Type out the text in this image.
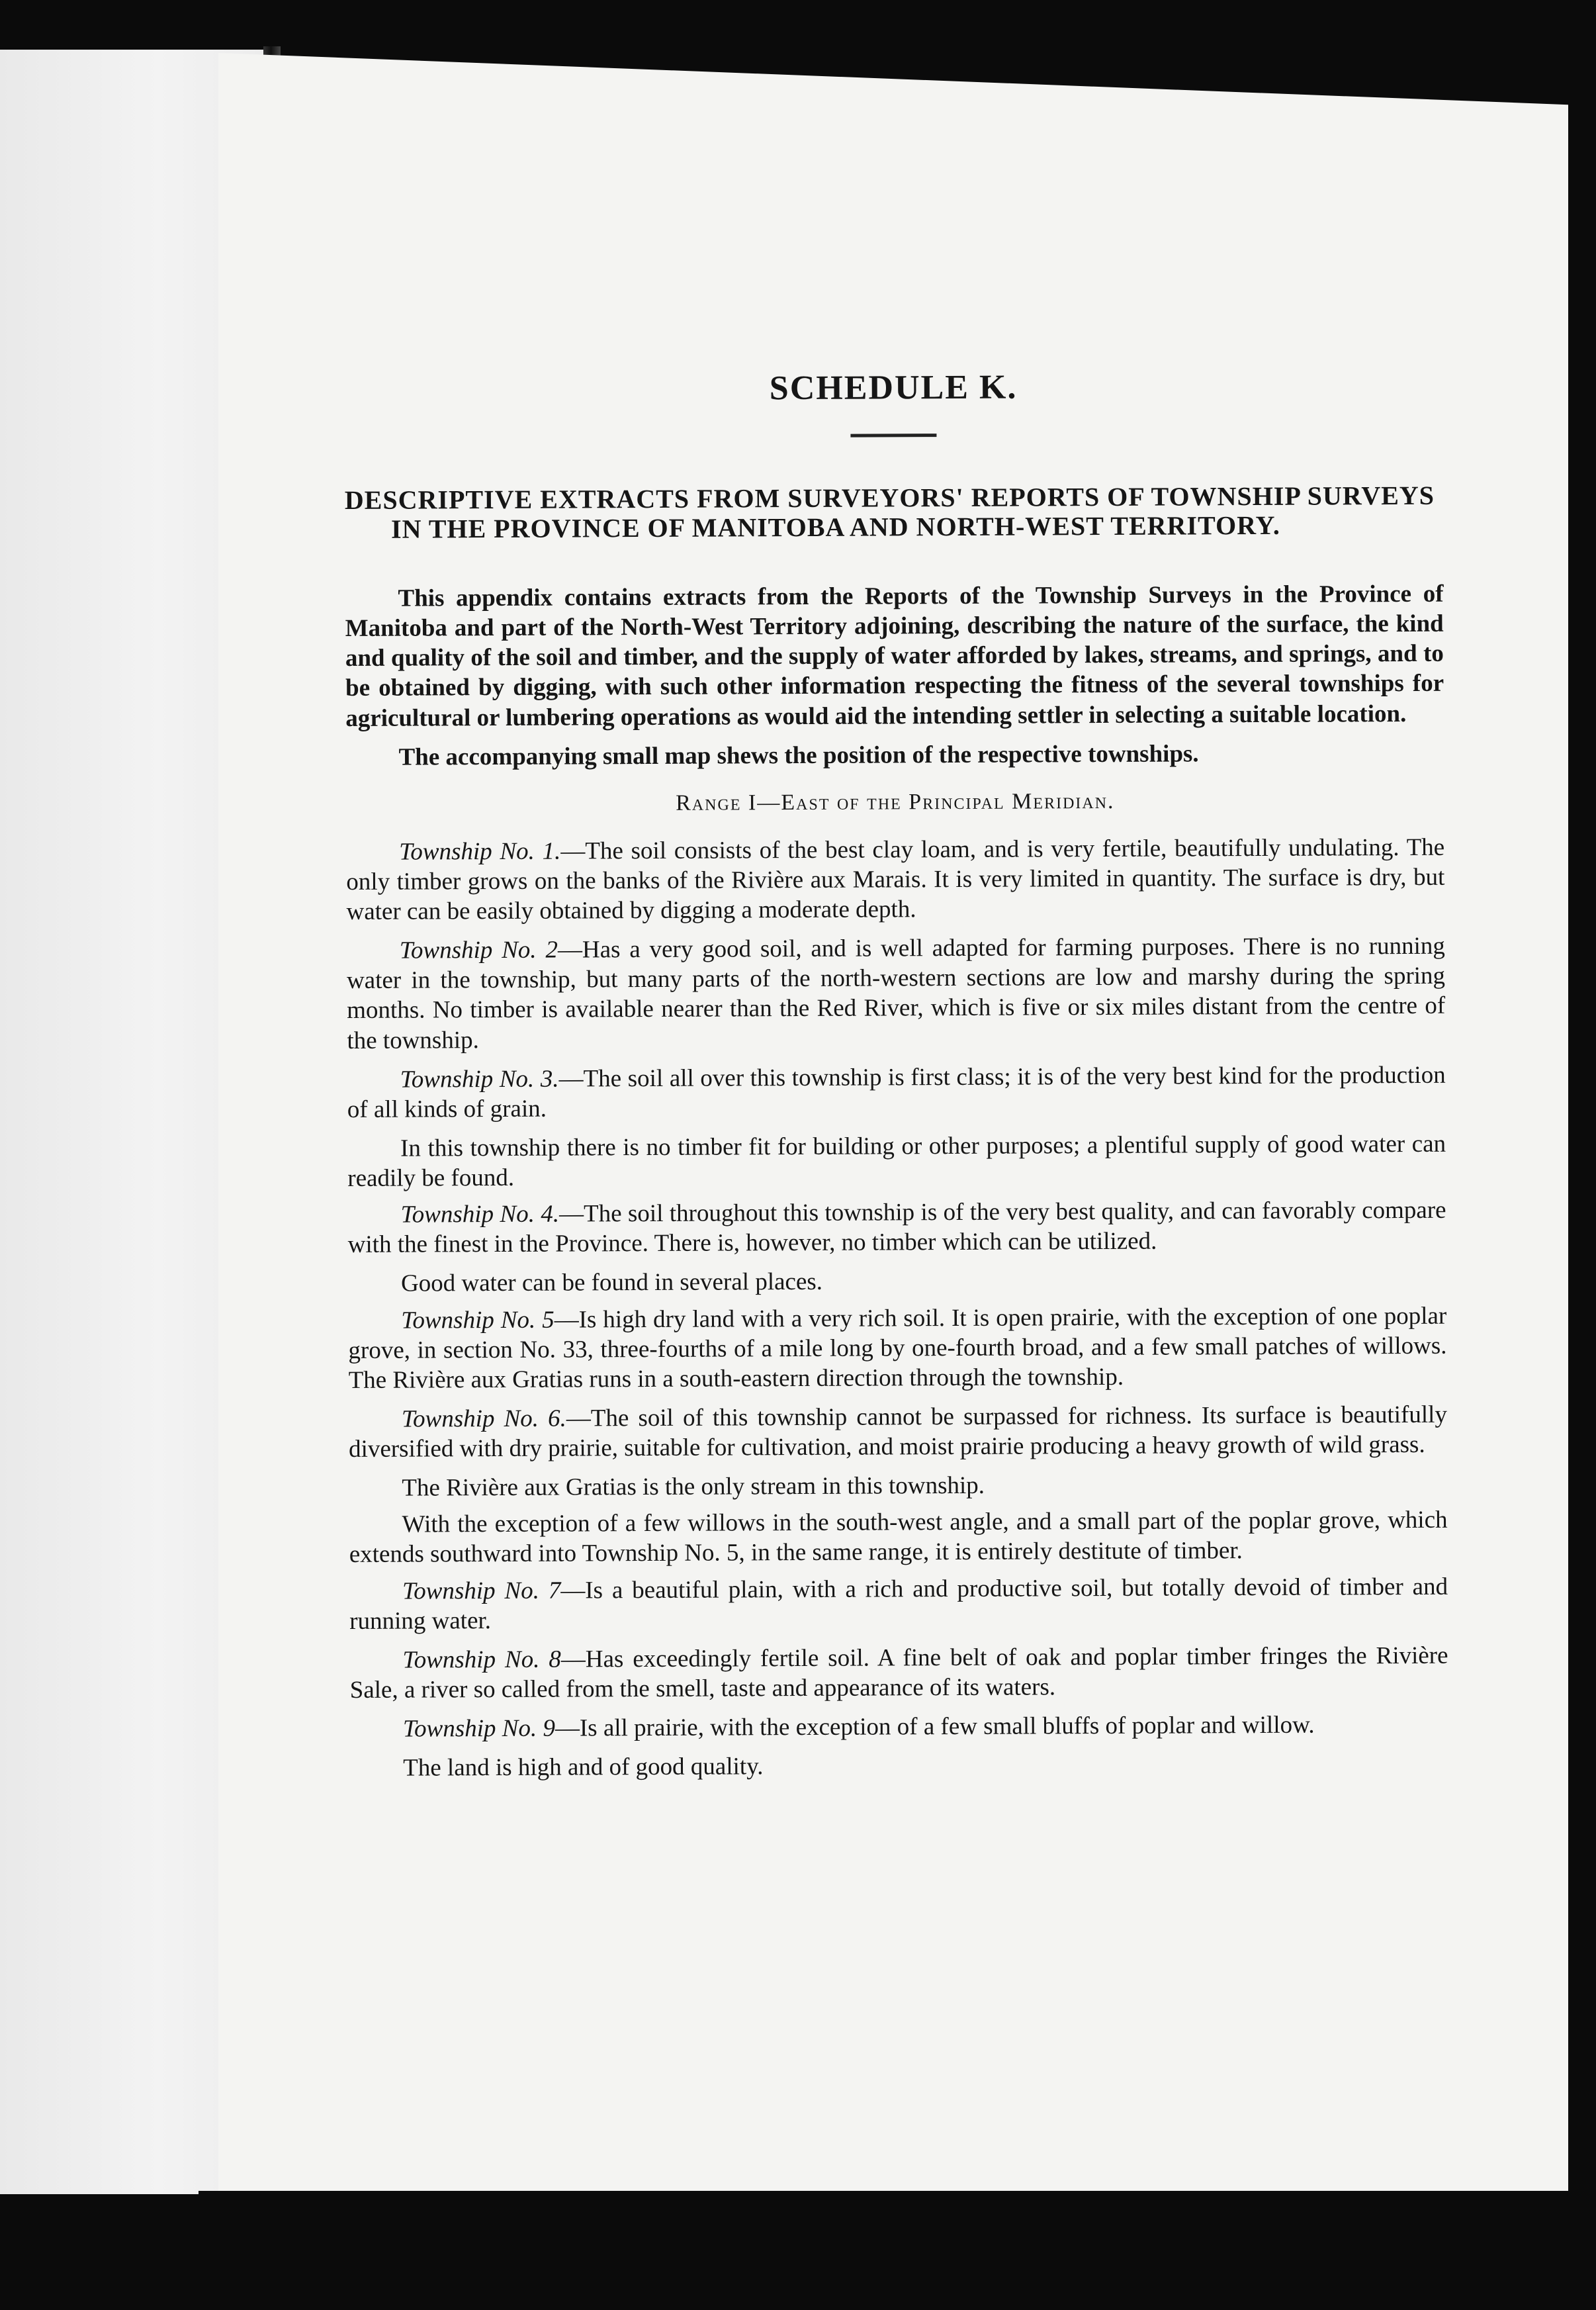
SCHEDULE K.
DESCRIPTIVE EXTRACTS FROM SURVEYORS' REPORTS OF TOWNSHIP SURVEYS IN THE PROVINCE OF MANITOBA AND NORTH-WEST TERRITORY.

This appendix contains extracts from the Reports of the Township Surveys in the Province of Manitoba and part of the North-West Territory adjoining, describing the nature of the surface, the kind and quality of the soil and timber, and the supply of water afforded by lakes, streams, and springs, and to be obtained by digging, with such other information respecting the fitness of the several townships for agricultural or lumbering operations as would aid the intending settler in selecting a suitable location.

The accompanying small map shews the position of the respective townships.

Range I—East of the Principal Meridian.

Township No. 1.—The soil consists of the best clay loam, and is very fertile, beautifully undulating. The only timber grows on the banks of the Rivière aux Marais. It is very limited in quantity. The surface is dry, but water can be easily obtained by digging a moderate depth.

Township No. 2—Has a very good soil, and is well adapted for farming purposes. There is no running water in the township, but many parts of the north-western sections are low and marshy during the spring months. No timber is available nearer than the Red River, which is five or six miles distant from the centre of the township.

Township No. 3.—The soil all over this township is first class; it is of the very best kind for the production of all kinds of grain.

In this township there is no timber fit for building or other purposes; a plentiful supply of good water can readily be found.

Township No. 4.—The soil throughout this township is of the very best quality, and can favorably compare with the finest in the Province. There is, however, no timber which can be utilized.

Good water can be found in several places.

Township No. 5—Is high dry land with a very rich soil. It is open prairie, with the exception of one poplar grove, in section No. 33, three-fourths of a mile long by one-fourth broad, and a few small patches of willows. The Rivière aux Gratias runs in a south-eastern direction through the township.

Township No. 6.—The soil of this township cannot be surpassed for richness. Its surface is beautifully diversified with dry prairie, suitable for cultivation, and moist prairie producing a heavy growth of wild grass.

The Rivière aux Gratias is the only stream in this township.

With the exception of a few willows in the south-west angle, and a small part of the poplar grove, which extends southward into Township No. 5, in the same range, it is entirely destitute of timber.

Township No. 7—Is a beautiful plain, with a rich and productive soil, but totally devoid of timber and running water.

Township No. 8—Has exceedingly fertile soil. A fine belt of oak and poplar timber fringes the Rivière Sale, a river so called from the smell, taste and appearance of its waters.

Township No. 9—Is all prairie, with the exception of a few small bluffs of poplar and willow.

The land is high and of good quality.
